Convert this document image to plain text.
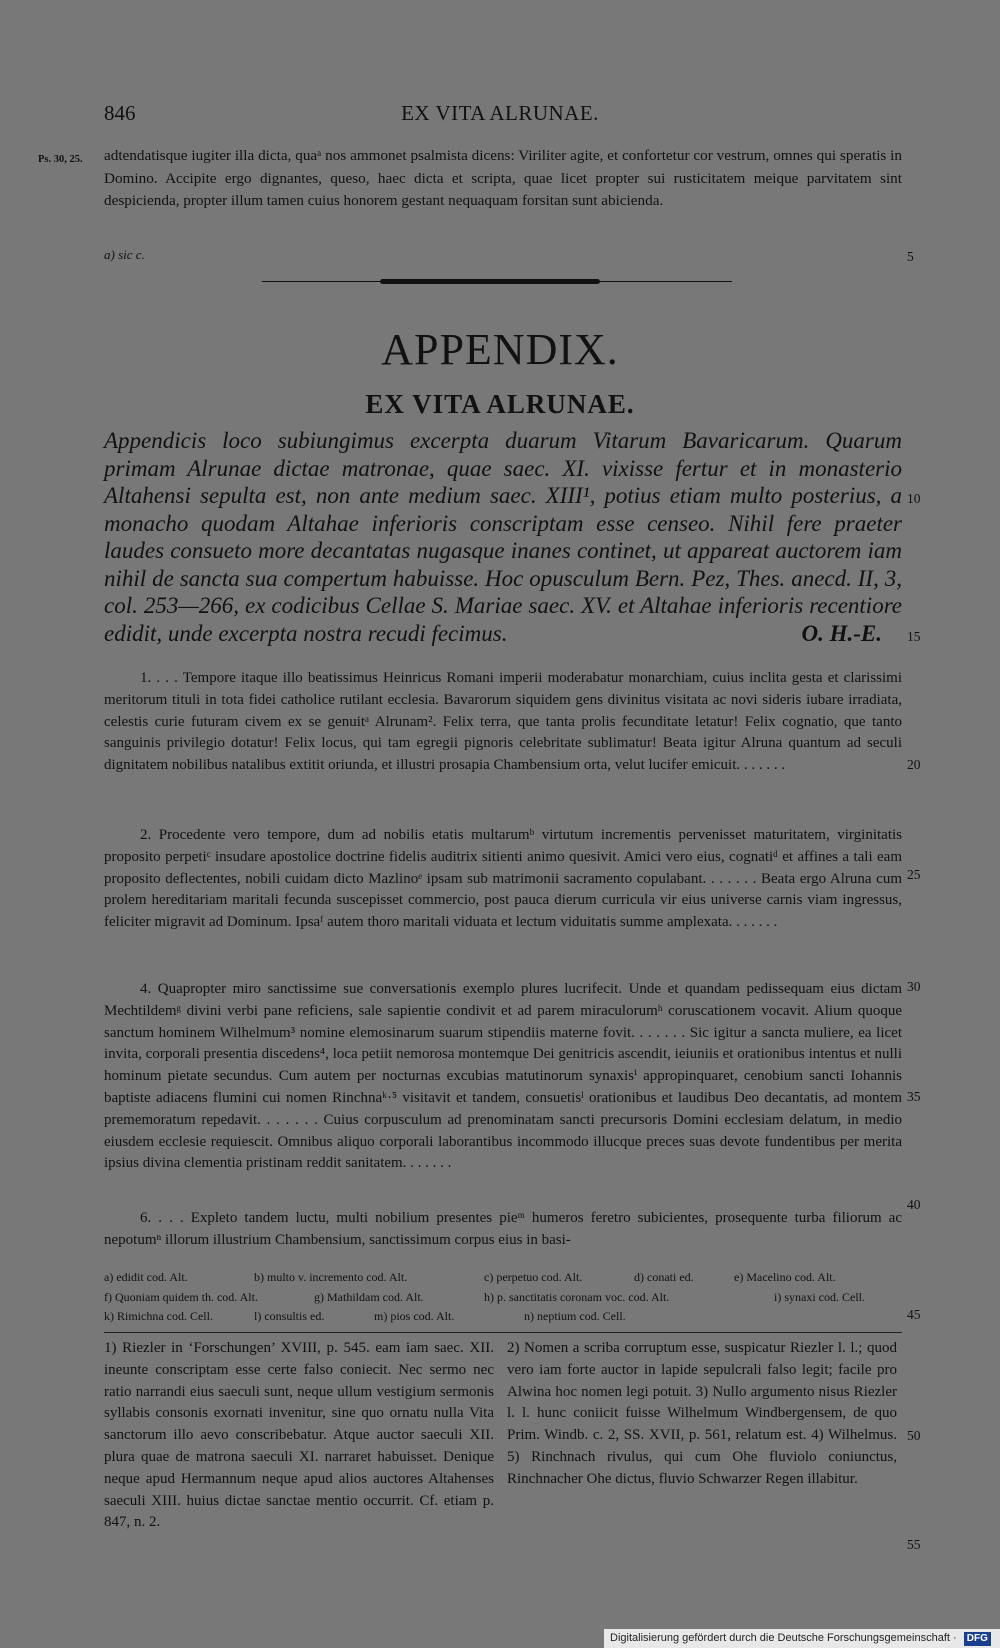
846	EX VITA ALRUNAE.
Ps. 30, 25. adtendatisque iugiter illa dicta, quaᵃ nos ammonet psalmista dicens: Viriliter agite, et confortetur cor vestrum, omnes qui speratis in Domino. Accipite ergo dignantes, queso, haec dicta et scripta, quae licet propter sui rusticitatem meique parvitatem sint despicienda, propter illum tamen cuius honorem gestant nequaquam forsitan sunt abicienda.
a) sic c.	5
APPENDIX.
EX VITA ALRUNAE.
Appendicis loco subiungimus excerpta duarum Vitarum Bavaricarum. Quarum primam Alrunae dictae matronae, quae saec. XI. vixisse fertur et in monasterio Altahensi sepulta est, non ante medium saec. XIII¹, potius etiam multo posterius, a monacho quodam Altahae inferioris conscriptam esse censeo. Nihil fere praeter laudes consueto more decantatas nugasque inanes continet, ut appareat auctorem iam nihil de sancta sua compertum habuisse. Hoc opusculum Bern. Pez, Thes. anecd. II, 3, col. 253—266, ex codicibus Cellae S. Mariae saec. XV. et Altahae inferioris recentiore edidit, unde excerpta nostra recudi fecimus.	O. H.-E.
10
15
1. . . . Tempore itaque illo beatissimus Heinricus Romani imperii moderabatur monarchiam, cuius inclita gesta et clarissimi meritorum tituli in tota fidei catholice rutilant ecclesia. Bavarorum siquidem gens divinitus visitata ac novi sideris iubare irradiata, celestis curie futuram civem ex se genuitᵃ Alrunam². Felix terra, que tanta prolis fecunditate letatur! Felix cognatio, que tanto sanguinis privilegio dotatur! Felix locus, qui tam egregii pignoris celebritate sublimatur! Beata igitur Alruna quantum ad seculi dignitatem nobilibus natalibus extitit oriunda, et illustri prosapia Chambensium orta, velut lucifer emicuit. . . . . . .	20
2. Procedente vero tempore, dum ad nobilis etatis multarumᵇ virtutum incrementis pervenisset maturitatem, virginitatis proposito perpetiᶜ insudare apostolice doctrine fidelis auditrix sitienti animo quesivit. Amici vero eius, cognatiᵈ et affines a tali eam proposito deflectentes, nobili cuidam dicto Mazlinoᵉ ipsam sub matrimonii sacramento copulabant. . . . . . . Beata ergo Alruna cum prolem hereditariam maritali fecunda suscepisset commercio, post pauca dierum curricula vir eius universe carnis viam ingressus, feliciter migravit ad Dominum. Ipsaᶠ autem thoro maritali viduata et lectum viduitatis summe amplexata. . . . . . .
25
4. Quapropter miro sanctissime sue conversationis exemplo plures lucrifecit. Unde et quandam pedissequam eius dictam Mechtildemᵍ divini verbi pane reficiens, sale sapientie condivit et ad parem miraculorumʰ coruscationem vocavit. Alium quoque sanctum hominem Wilhelmum³ nomine elemosinarum suarum stipendiis materne fovit. . . . . . . Sic igitur a sancta muliere, ea licet invita, corporali presentia discedens⁴, loca petiit nemorosa montemque Dei genitricis ascendit, ieiuniis et orationibus intentus et nulli hominum pietate secundus. Cum autem per nocturnas excubias matutinorum synaxisⁱ appropinquaret, cenobium sancti Iohannis baptiste adiacens flumini cui nomen Rinchnaᵏ·⁵ visitavit et tandem, consuetisˡ orationibus et laudibus Deo decantatis, ad montem prememoratum repedavit. . . . . . . Cuius corpusculum ad prenominatam sancti precursoris Domini ecclesiam delatum, in medio eiusdem ecclesie requiescit. Omnibus aliquo corporali laborantibus incommodo illucque preces suas devote fundentibus per merita ipsius divina clementia pristinam reddit sanitatem. . . . . . .
30
35
40
6. . . . Expleto tandem luctu, multi nobilium presentes pieᵐ humeros feretro subicientes, prosequente turba filiorum ac nepotumⁿ illorum illustrium Chambensium, sanctissimum corpus eius in basi-
a) edidit cod. Alt.	b) multo v. incremento cod. Alt.	c) perpetuo cod. Alt.	d) conati ed.	e) Macelino cod. Alt.
f) Quoniam quidem th. cod. Alt.	g) Mathildam cod. Alt.	h) p. sanctitatis coronam voc. cod. Alt.	i) synaxi cod. Cell.
k) Rimichna cod. Cell.	l) consultis ed.	m) pios cod. Alt.	n) neptium cod. Cell.	45
1) Riezler in ‘Forschungen’ XVIII, p. 545. eam iam saec. XII. ineunte conscriptam esse certe falso coniecit. Nec sermo nec ratio narrandi eius saeculi sunt, neque ullum vestigium sermonis syllabis consonis exornati invenitur, sine quo ornatu nulla Vita sanctorum illo aevo conscribebatur. Atque auctor saeculi XII. plura quae de matrona saeculi XI. narraret habuisset. Denique neque apud Hermannum neque apud alios auctores Altahenses saeculi XIII. huius dictae sanctae mentio occurrit. Cf. etiam p. 847, n. 2.
2) Nomen a scriba corruptum esse, suspicatur Riezler l. l.; quod vero iam forte auctor in lapide sepulcrali falso legit; facile pro Alwina hoc nomen legi potuit. 3) Nullo argumento nisus Riezler l. l. hunc coniicit fuisse Wilhelmum Windbergensem, de quo Prim. Windb. c. 2, SS. XVII, p. 561, relatum est. 4) Wilhelmus. 5) Rinchnach rivulus, qui cum Ohe fluviolo coniunctus, Rinchnacher Ohe dictus, fluvio Schwarzer Regen illabitur.
50
55
Digitalisierung gefördert durch die Deutsche Forschungsgemeinschaft · DFG
